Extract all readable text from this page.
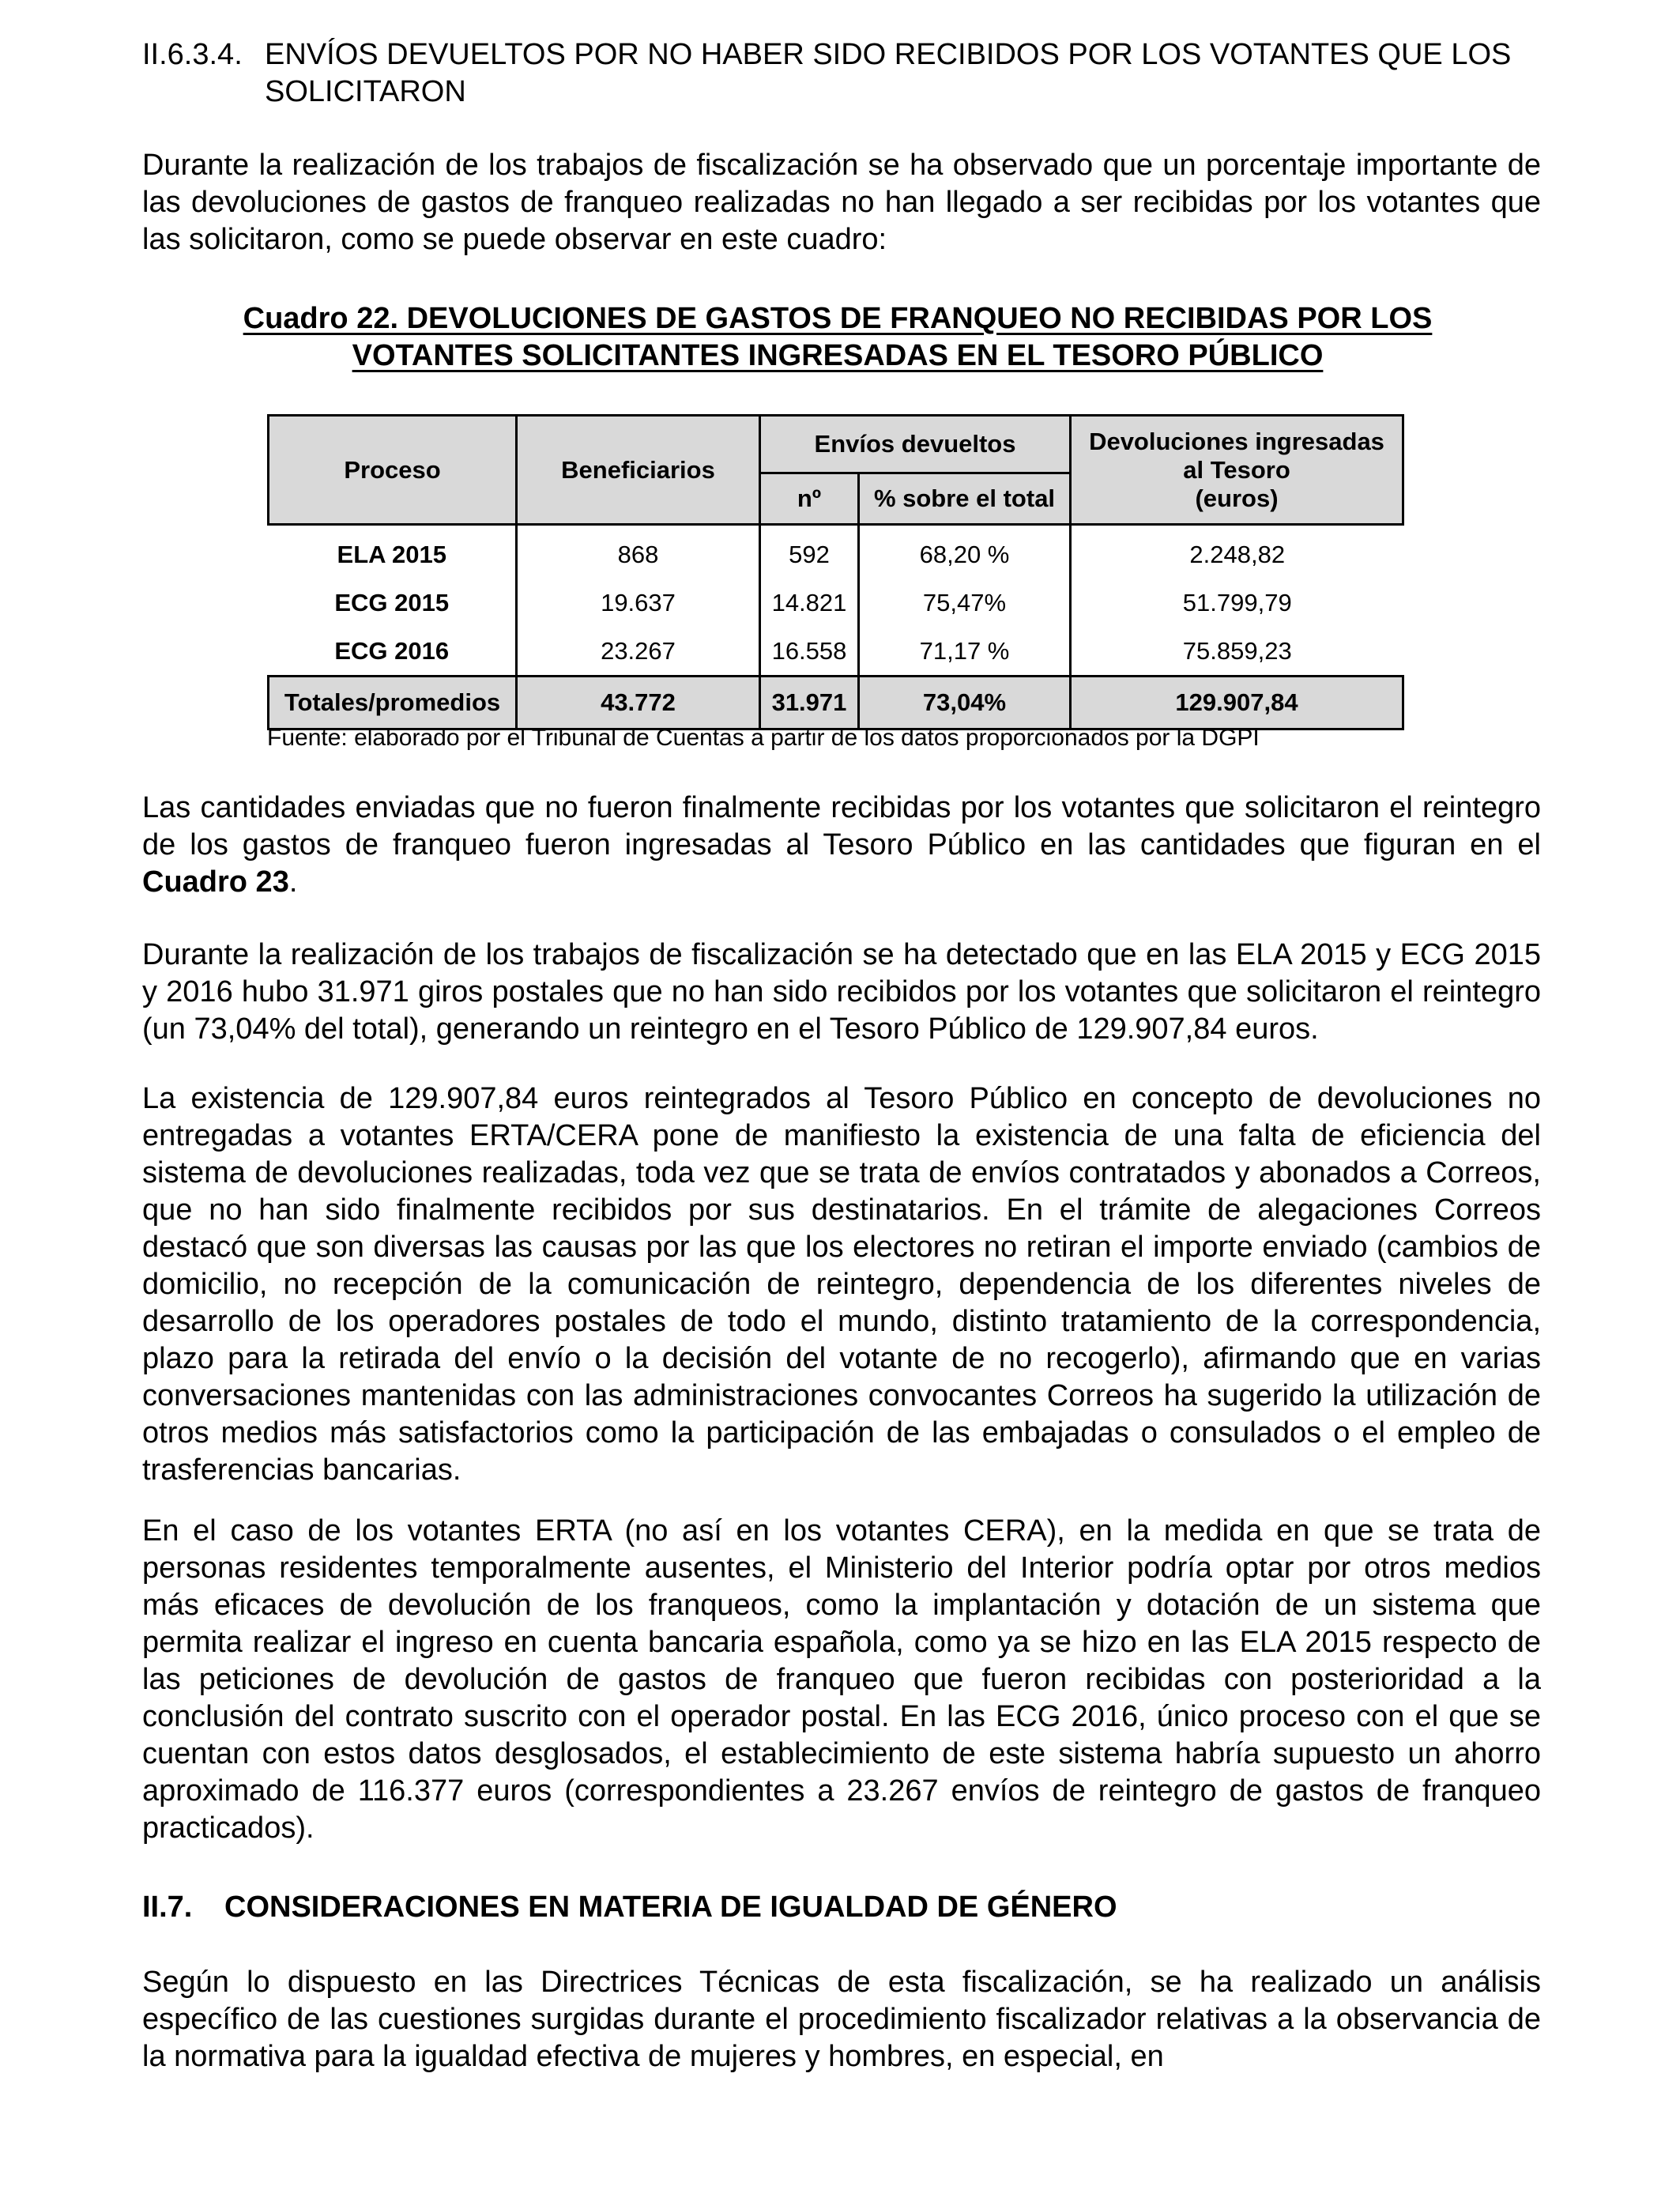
II.6.3.4. ENVÍOS DEVUELTOS POR NO HABER SIDO RECIBIDOS POR LOS VOTANTES QUE LOS SOLICITARON
Durante la realización de los trabajos de fiscalización se ha observado que un porcentaje importante de las devoluciones de gastos de franqueo realizadas no han llegado a ser recibidas por los votantes que las solicitaron, como se puede observar en este cuadro:
Cuadro 22. DEVOLUCIONES DE GASTOS DE FRANQUEO NO RECIBIDAS POR LOS
VOTANTES SOLICITANTES INGRESADAS EN EL TESORO PÚBLICO
Proceso	Beneficiarios	Envíos devueltos		Devoluciones ingresadas
al Tesoro
(euros)

		nº	% sobre el total	
ELA 2015	868	592	68,20 %	2.248,82
ECG 2015	19.637	14.821	75,47%	51.799,79
ECG 2016	23.267	16.558	71,17 %	75.859,23
Totales/promedios	43.772	31.971	73,04%	129.907,84
Fuente: elaborado por el Tribunal de Cuentas a partir de los datos proporcionados por la DGPI
Las cantidades enviadas que no fueron finalmente recibidas por los votantes que solicitaron el reintegro de los gastos de franqueo fueron ingresadas al Tesoro Público en las cantidades que figuran en el Cuadro 23.
Durante la realización de los trabajos de fiscalización se ha detectado que en las ELA 2015 y ECG 2015 y 2016 hubo 31.971 giros postales que no han sido recibidos por los votantes que solicitaron el reintegro (un 73,04% del total), generando un reintegro en el Tesoro Público de 129.907,84 euros.
La existencia de 129.907,84 euros reintegrados al Tesoro Público en concepto de devoluciones no entregadas a votantes ERTA/CERA pone de manifiesto la existencia de una falta de eficiencia del sistema de devoluciones realizadas, toda vez que se trata de envíos contratados y abonados a Correos, que no han sido finalmente recibidos por sus destinatarios. En el trámite de alegaciones Correos destacó que son diversas las causas por las que los electores no retiran el importe enviado (cambios de domicilio, no recepción de la comunicación de reintegro, dependencia de los diferentes niveles de desarrollo de los operadores postales de todo el mundo, distinto tratamiento de la correspondencia, plazo para la retirada del envío o la decisión del votante de no recogerlo), afirmando que en varias conversaciones mantenidas con las administraciones convocantes Correos ha sugerido la utilización de otros medios más satisfactorios como la participación de las embajadas o consulados o el empleo de trasferencias bancarias.
En el caso de los votantes ERTA (no así en los votantes CERA), en la medida en que se trata de personas residentes temporalmente ausentes, el Ministerio del Interior podría optar por otros medios más eficaces de devolución de los franqueos, como la implantación y dotación de un sistema que permita realizar el ingreso en cuenta bancaria española, como ya se hizo en las ELA 2015 respecto de las peticiones de devolución de gastos de franqueo que fueron recibidas con posterioridad a la conclusión del contrato suscrito con el operador postal. En las ECG 2016, único proceso con el que se cuentan con estos datos desglosados, el establecimiento de este sistema habría supuesto un ahorro aproximado de 116.377 euros (correspondientes a 23.267 envíos de reintegro de gastos de franqueo practicados).
II.7.	CONSIDERACIONES EN MATERIA DE IGUALDAD DE GÉNERO
Según lo dispuesto en las Directrices Técnicas de esta fiscalización, se ha realizado un análisis específico de las cuestiones surgidas durante el procedimiento fiscalizador relativas a la observancia de la normativa para la igualdad efectiva de mujeres y hombres, en especial, en
